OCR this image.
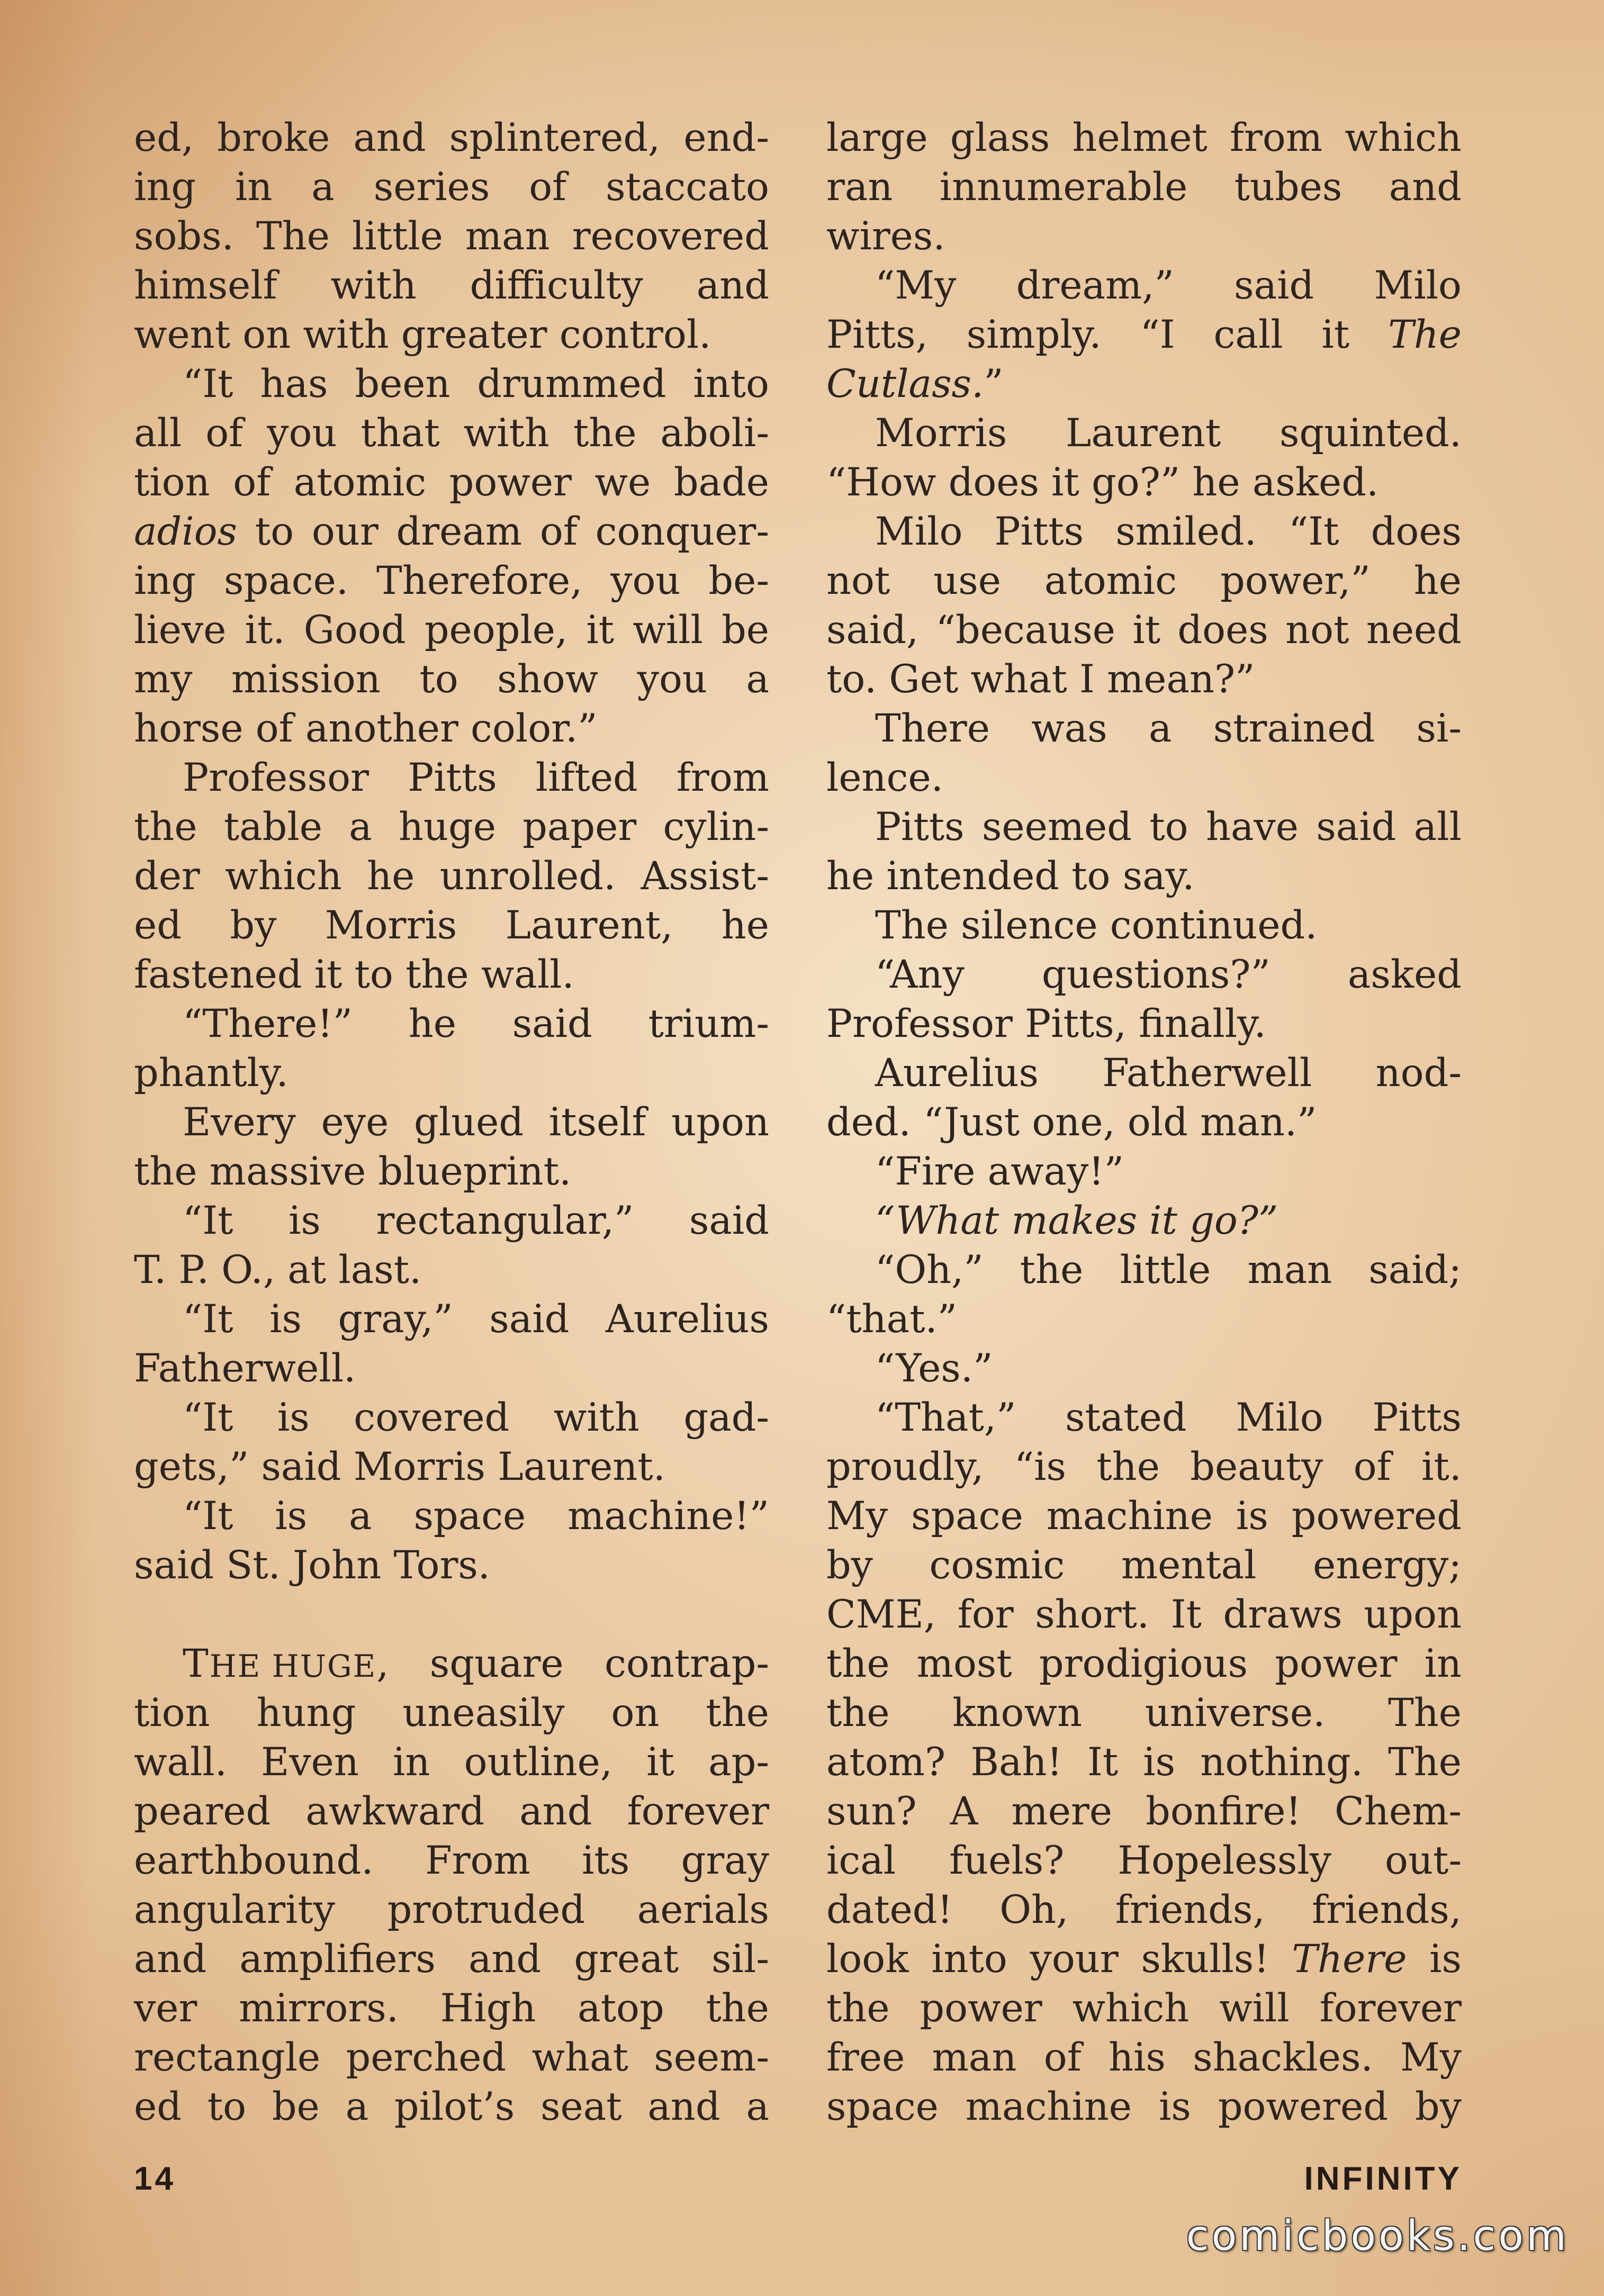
ed, broke and splintered, end-
ing in a series of staccato
sobs. The little man recovered
himself with difficulty and
went on with greater control.
“It has been drummed into
all of you that with the aboli-
tion of atomic power we bade
adios to our dream of conquer-
ing space. Therefore, you be-
lieve it. Good people, it will be
my mission to show you a
horse of another color.”
Professor Pitts lifted from
the table a huge paper cylin-
der which he unrolled. Assist-
ed by Morris Laurent, he
fastened it to the wall.
“There!” he said trium-
phantly.
Every eye glued itself upon
the massive blueprint.
“It is rectangular,” said
T. P. O., at last.
“It is gray,” said Aurelius
Fatherwell.
“It is covered with gad-
gets,” said Morris Laurent.
“It is a space machine!”
said St. John Tors.
THE HUGE, square contrap-
tion hung uneasily on the
wall. Even in outline, it ap-
peared awkward and forever
earthbound. From its gray
angularity protruded aerials
and amplifiers and great sil-
ver mirrors. High atop the
rectangle perched what seem-
ed to be a pilot’s seat and a
large glass helmet from which
ran innumerable tubes and
wires.
“My dream,” said Milo
Pitts, simply. “I call it The
Cutlass.”
Morris Laurent squinted.
“How does it go?” he asked.
Milo Pitts smiled. “It does
not use atomic power,” he
said, “because it does not need
to. Get what I mean?”
There was a strained si-
lence.
Pitts seemed to have said all
he intended to say.
The silence continued.
“Any questions?” asked
Professor Pitts, finally.
Aurelius Fatherwell nod-
ded. “Just one, old man.”
“Fire away!”
“What makes it go?”
“Oh,” the little man said;
“that.”
“Yes.”
“That,” stated Milo Pitts
proudly, “is the beauty of it.
My space machine is powered
by cosmic mental energy;
CME, for short. It draws upon
the most prodigious power in
the known universe. The
atom? Bah! It is nothing. The
sun? A mere bonfire! Chem-
ical fuels? Hopelessly out-
dated! Oh, friends, friends,
look into your skulls! There is
the power which will forever
free man of his shackles. My
space machine is powered by
14	INFINITY
comicbooks.com
